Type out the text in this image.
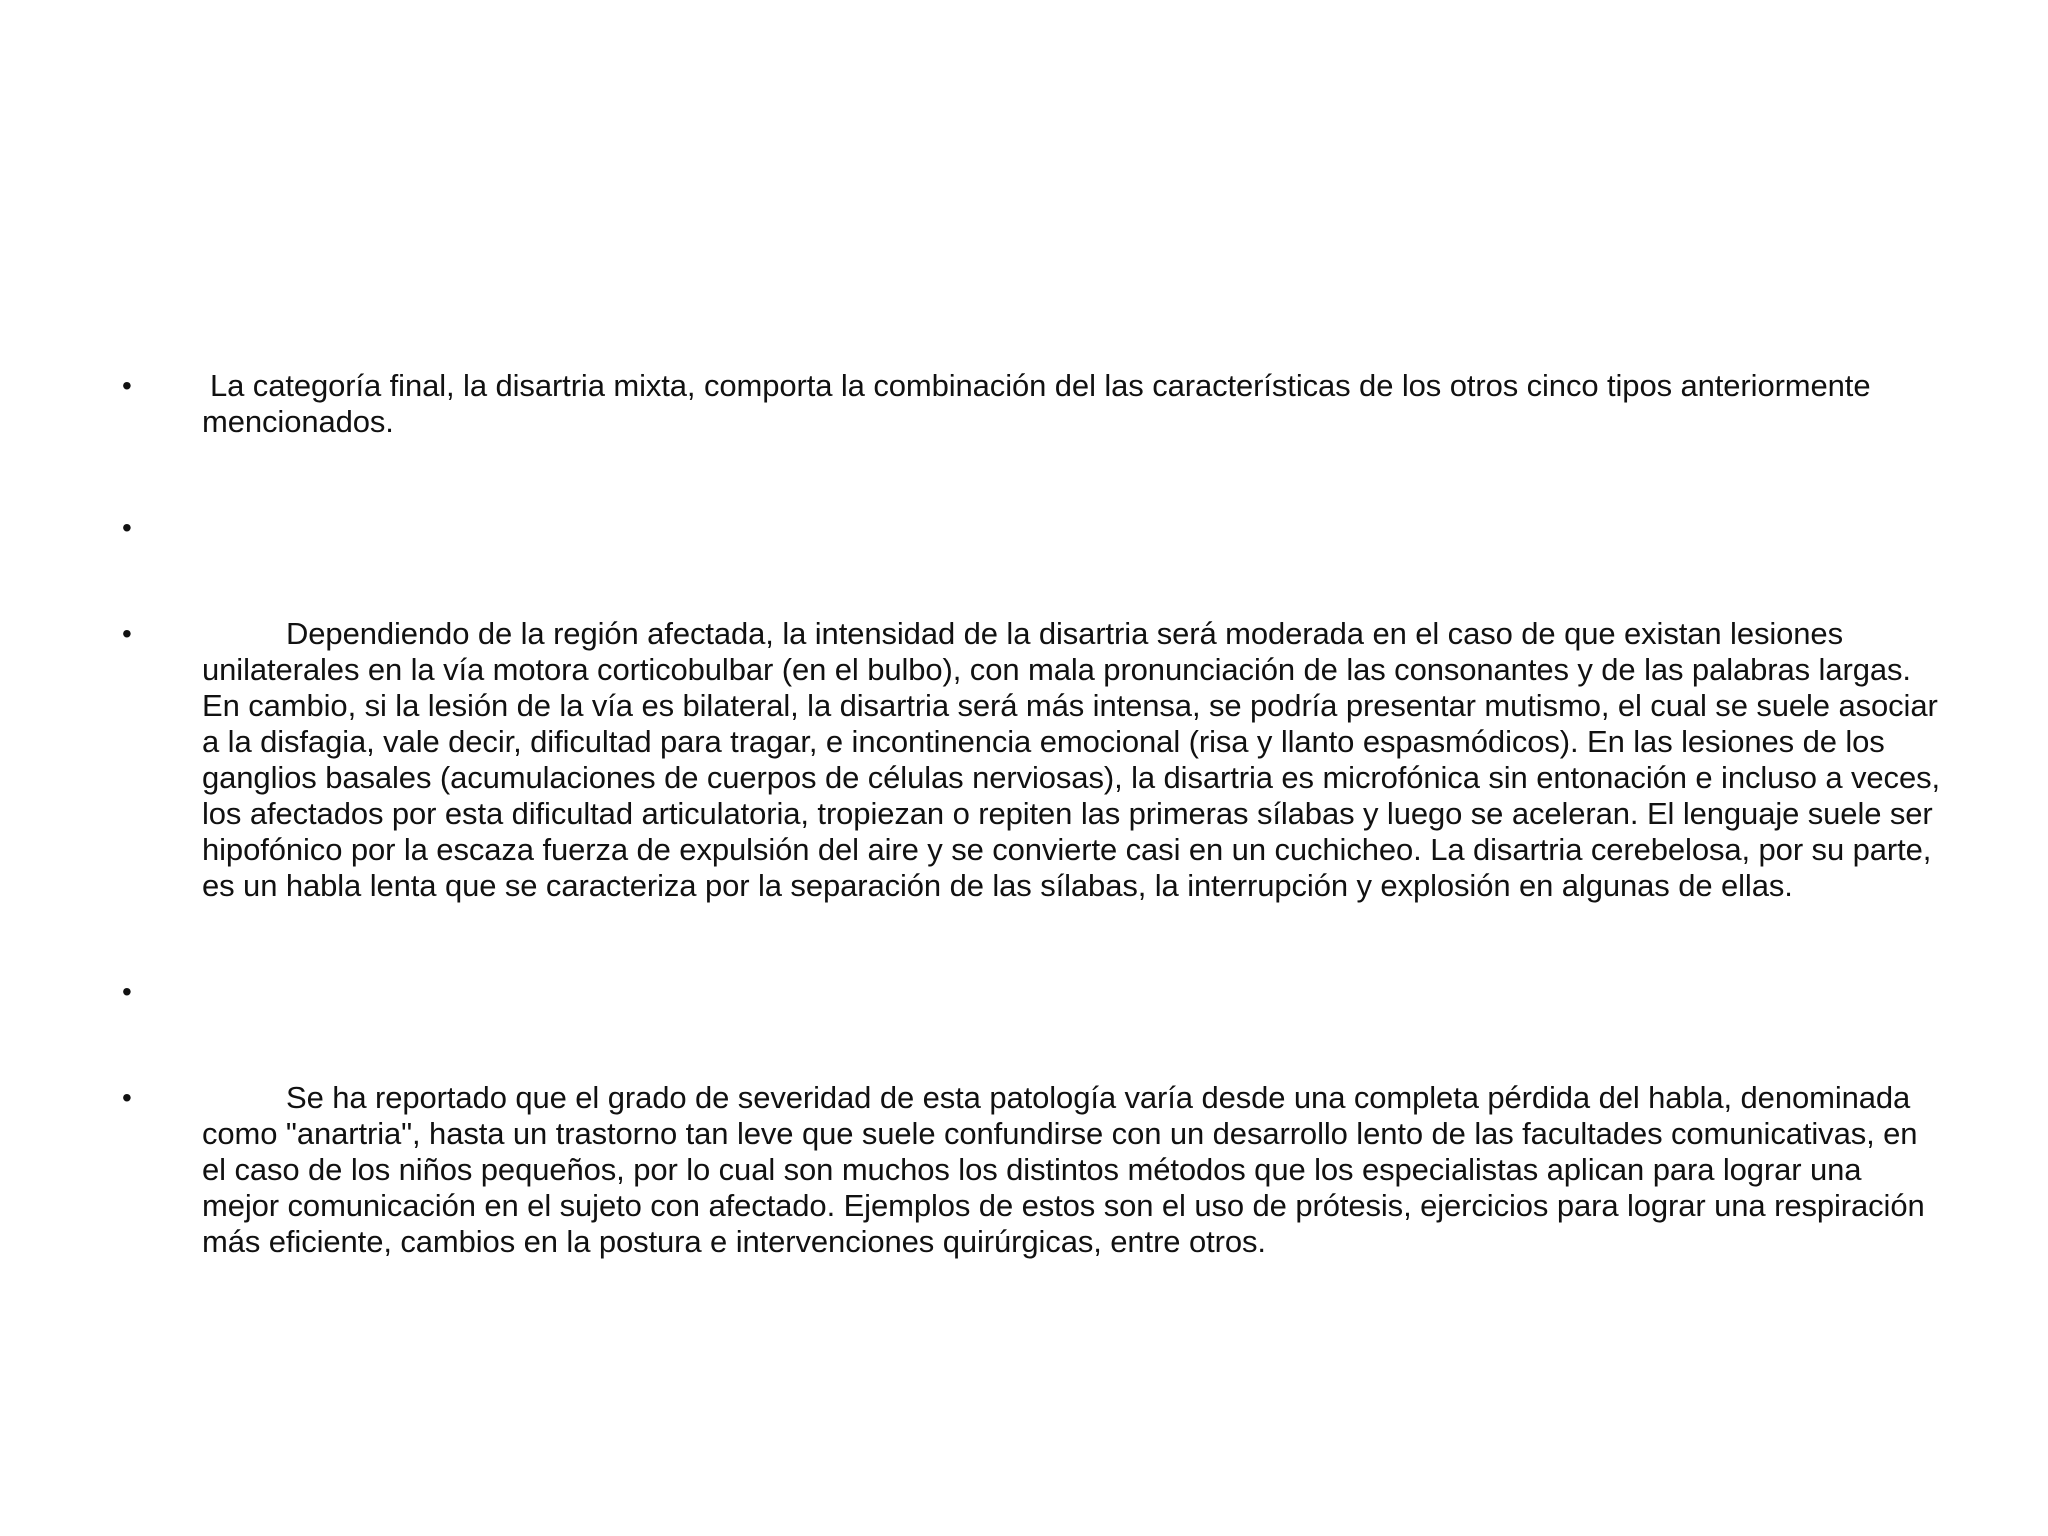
•	La categoría final, la disartria mixta, comporta la combinación del las características de los otros cinco tipos anteriormente mencionados.
•
•	Dependiendo de la región afectada, la intensidad de la disartria será moderada en el caso de que existan lesiones unilaterales en la vía motora corticobulbar (en el bulbo), con mala pronunciación de las consonantes y de las palabras largas. En cambio, si la lesión de la vía es bilateral, la disartria será más intensa, se podría presentar mutismo, el cual se suele asociar a la disfagia, vale decir, dificultad para tragar, e incontinencia emocional (risa y llanto espasmódicos). En las lesiones de los ganglios basales (acumulaciones de cuerpos de células nerviosas), la disartria es microfónica sin entonación e incluso a veces, los afectados por esta dificultad articulatoria, tropiezan o repiten las primeras sílabas y luego se aceleran. El lenguaje suele ser hipofónico por la escaza fuerza de expulsión del aire y se convierte casi en un cuchicheo. La disartria cerebelosa, por su parte, es un habla lenta que se caracteriza por la separación de las sílabas, la interrupción y explosión en algunas de ellas.
•
•	Se ha reportado que el grado de severidad de esta patología varía desde una completa pérdida del habla, denominada como "anartria", hasta un trastorno tan leve que suele confundirse con un desarrollo lento de las facultades comunicativas, en el caso de los niños pequeños, por lo cual son muchos los distintos métodos que los especialistas aplican para lograr una mejor comunicación en el sujeto con afectado. Ejemplos de estos son el uso de prótesis, ejercicios para lograr una respiración más eficiente, cambios en la postura e intervenciones quirúrgicas, entre otros.
